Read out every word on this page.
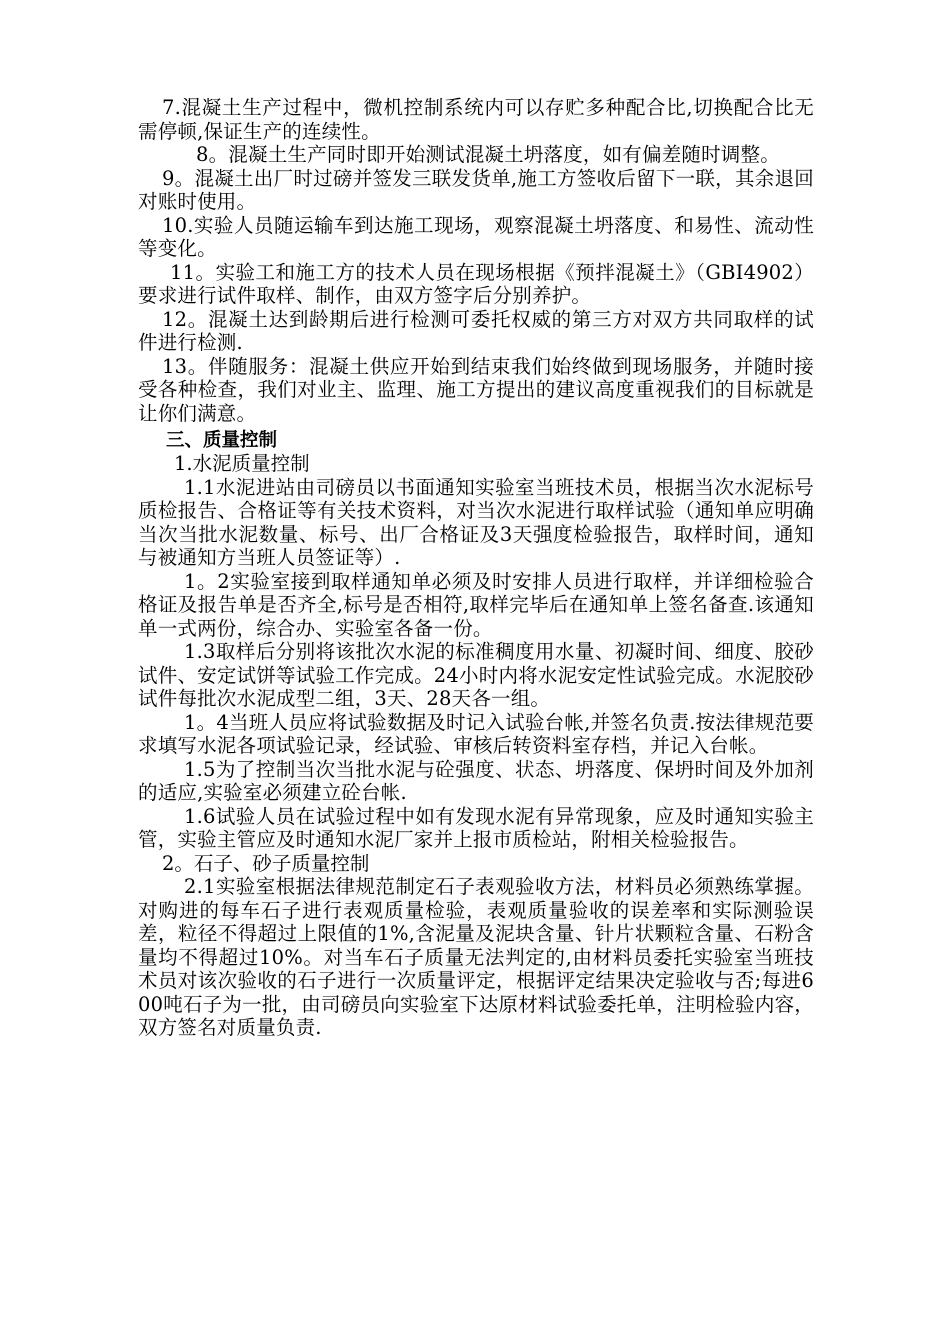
7.混凝土生产过程中，微机控制系统内可以存贮多种配合比,切换配合比无需停顿,保证生产的连续性。

8。混凝土生产同时即开始测试混凝土坍落度，如有偏差随时调整。

9。混凝土出厂时过磅并签发三联发货单,施工方签收后留下一联，其余退回对账时使用。

10.实验人员随运输车到达施工现场，观察混凝土坍落度、和易性、流动性等变化。

11。实验工和施工方的技术人员在现场根据《预拌混凝土》（GBI4902）要求进行试件取样、制作，由双方签字后分别养护。

12。混凝土达到龄期后进行检测可委托权威的第三方对双方共同取样的试件进行检测.

13。伴随服务：混凝土供应开始到结束我们始终做到现场服务，并随时接受各种检查，我们对业主、监理、施工方提出的建议高度重视我们的目标就是让你们满意。

三、质量控制

1.水泥质量控制

1.1水泥进站由司磅员以书面通知实验室当班技术员，根据当次水泥标号质检报告、合格证等有关技术资料，对当次水泥进行取样试验（通知单应明确当次当批水泥数量、标号、出厂合格证及3天强度检验报告，取样时间，通知与被通知方当班人员签证等）.

1。2实验室接到取样通知单必须及时安排人员进行取样，并详细检验合格证及报告单是否齐全,标号是否相符,取样完毕后在通知单上签名备查.该通知单一式两份，综合办、实验室各备一份。

1.3取样后分别将该批次水泥的标准稠度用水量、初凝时间、细度、胶砂试件、安定试饼等试验工作完成。24小时内将水泥安定性试验完成。水泥胶砂试件每批次水泥成型二组，3天、28天各一组。

1。4当班人员应将试验数据及时记入试验台帐,并签名负责.按法律规范要求填写水泥各项试验记录，经试验、审核后转资料室存档，并记入台帐。

1.5为了控制当次当批水泥与砼强度、状态、坍落度、保坍时间及外加剂的适应,实验室必须建立砼台帐.

1.6试验人员在试验过程中如有发现水泥有异常现象，应及时通知实验主管，实验主管应及时通知水泥厂家并上报市质检站，附相关检验报告。

2。石子、砂子质量控制

2.1实验室根据法律规范制定石子表观验收方法，材料员必须熟练掌握。对购进的每车石子进行表观质量检验，表观质量验收的误差率和实际测验误差，粒径不得超过上限值的1%,含泥量及泥块含量、针片状颗粒含量、石粉含量均不得超过10%。对当车石子质量无法判定的,由材料员委托实验室当班技术员对该次验收的石子进行一次质量评定，根据评定结果决定验收与否;每进600吨石子为一批，由司磅员向实验室下达原材料试验委托单，注明检验内容，双方签名对质量负责.
